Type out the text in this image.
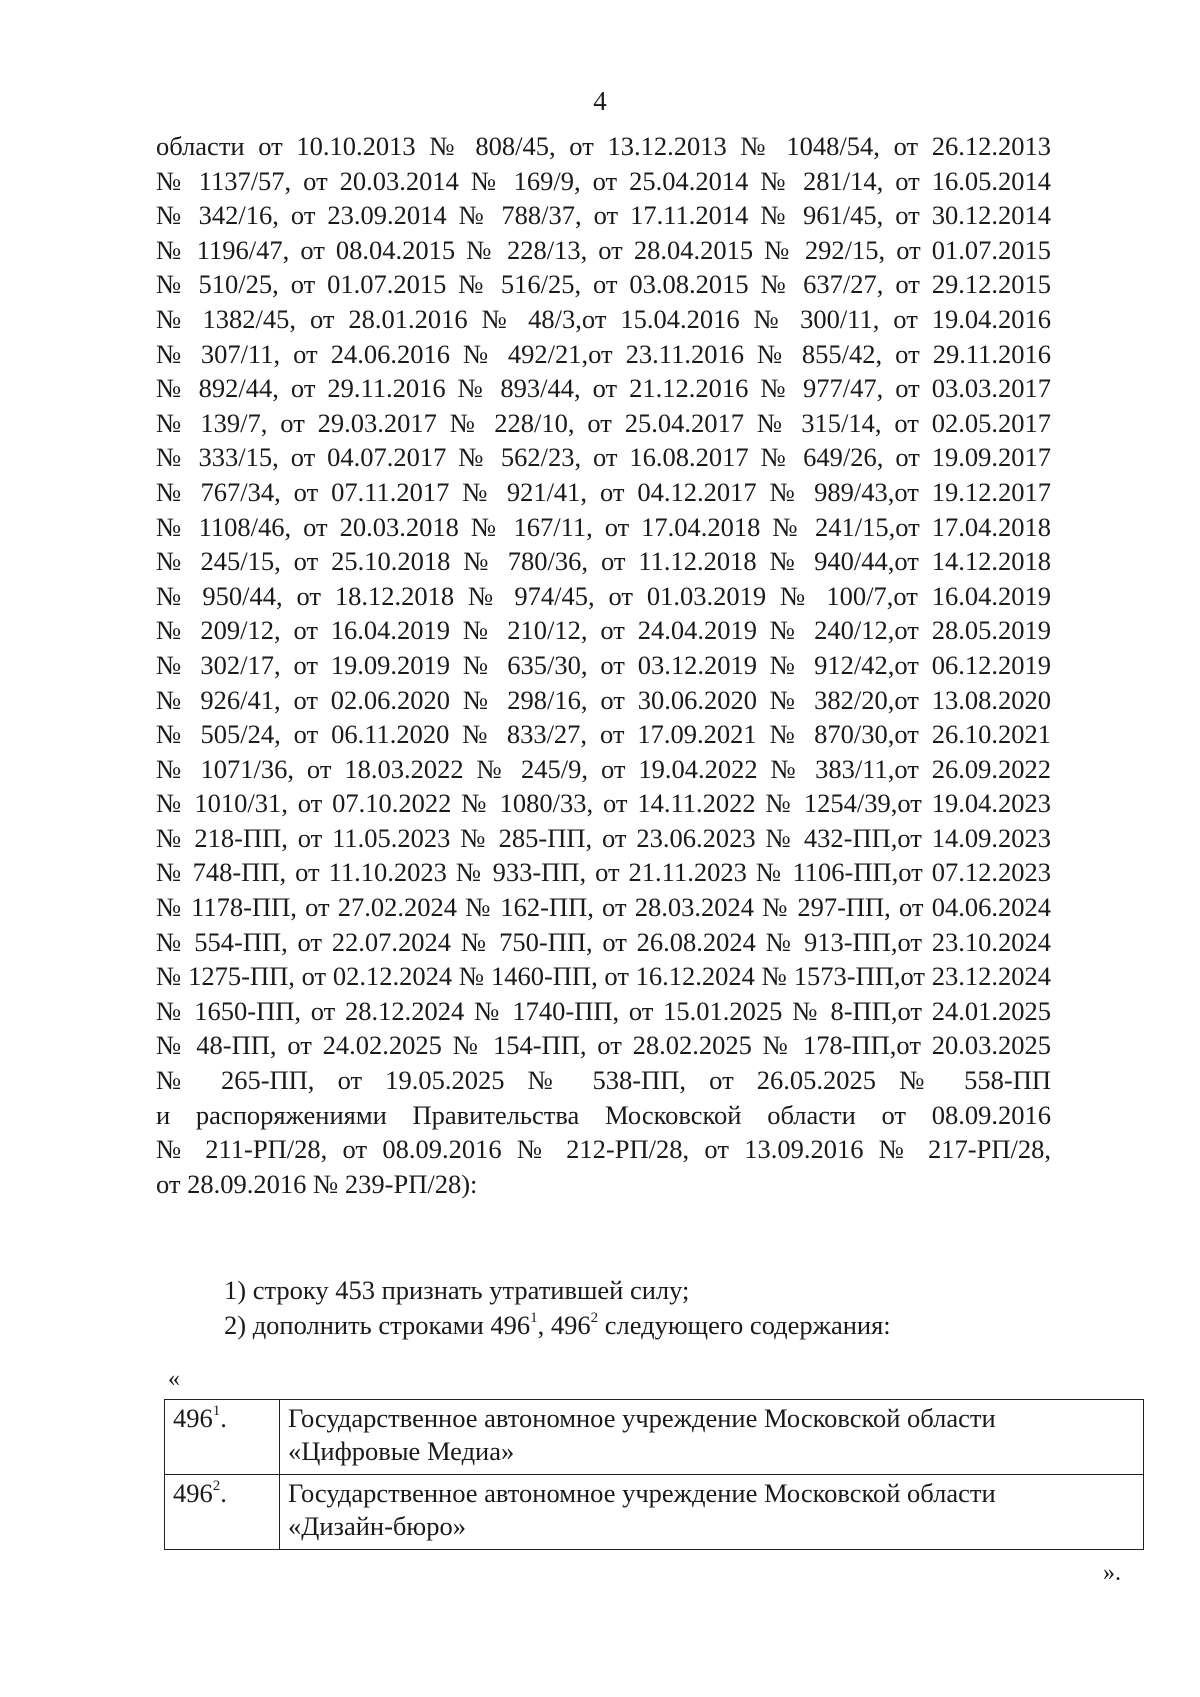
4
области от 10.10.2013 № 808/45, от 13.12.2013 № 1048/54, от 26.12.2013
№ 1137/57, от 20.03.2014 № 169/9, от 25.04.2014 № 281/14, от 16.05.2014
№ 342/16, от 23.09.2014 № 788/37, от 17.11.2014 № 961/45, от 30.12.2014
№ 1196/47, от 08.04.2015 № 228/13, от 28.04.2015 № 292/15, от 01.07.2015
№ 510/25, от 01.07.2015 № 516/25, от 03.08.2015 № 637/27, от 29.12.2015
№ 1382/45, от 28.01.2016 № 48/3,от 15.04.2016 № 300/11, от 19.04.2016
№ 307/11, от 24.06.2016 № 492/21,от 23.11.2016 № 855/42, от 29.11.2016
№ 892/44, от 29.11.2016 № 893/44, от 21.12.2016 № 977/47, от 03.03.2017
№ 139/7, от 29.03.2017 № 228/10, от 25.04.2017 № 315/14, от 02.05.2017
№ 333/15, от 04.07.2017 № 562/23, от 16.08.2017 № 649/26, от 19.09.2017
№ 767/34, от 07.11.2017 № 921/41, от 04.12.2017 № 989/43,от 19.12.2017
№ 1108/46, от 20.03.2018 № 167/11, от 17.04.2018 № 241/15,от 17.04.2018
№ 245/15, от 25.10.2018 № 780/36, от 11.12.2018 № 940/44,от 14.12.2018
№ 950/44, от 18.12.2018 № 974/45, от 01.03.2019 № 100/7,от 16.04.2019
№ 209/12, от 16.04.2019 № 210/12, от 24.04.2019 № 240/12,от 28.05.2019
№ 302/17, от 19.09.2019 № 635/30, от 03.12.2019 № 912/42,от 06.12.2019
№ 926/41, от 02.06.2020 № 298/16, от 30.06.2020 № 382/20,от 13.08.2020
№ 505/24, от 06.11.2020 № 833/27, от 17.09.2021 № 870/30,от 26.10.2021
№ 1071/36, от 18.03.2022 № 245/9, от 19.04.2022 № 383/11,от 26.09.2022
№ 1010/31, от 07.10.2022 № 1080/33, от 14.11.2022 № 1254/39,от 19.04.2023
№ 218-ПП, от 11.05.2023 № 285-ПП, от 23.06.2023 № 432-ПП,от 14.09.2023
№ 748-ПП, от 11.10.2023 № 933-ПП, от 21.11.2023 № 1106-ПП,от 07.12.2023
№ 1178-ПП, от 27.02.2024 № 162-ПП, от 28.03.2024 № 297-ПП, от 04.06.2024
№ 554-ПП, от 22.07.2024 № 750-ПП, от 26.08.2024 № 913-ПП,от 23.10.2024
№ 1275-ПП, от 02.12.2024 № 1460-ПП, от 16.12.2024 № 1573-ПП,от 23.12.2024
№ 1650-ПП, от 28.12.2024 № 1740-ПП, от 15.01.2025 № 8-ПП,от 24.01.2025
№ 48-ПП, от 24.02.2025 № 154-ПП, от 28.02.2025 № 178-ПП,от 20.03.2025
№ 265-ПП, от 19.05.2025 № 538-ПП, от 26.05.2025 № 558-ПП
и распоряжениями Правительства Московской области от 08.09.2016
№ 211-РП/28, от 08.09.2016 № 212-РП/28, от 13.09.2016 № 217-РП/28,
от 28.09.2016 № 239-РП/28):
1) строку 453 признать утратившей силу;
2) дополнить строками $496^1$, $496^2$ следующего содержания:
«
$496^1$.	Государственное автономное учреждение Московской области
«Цифровые Медиа»

$496^2$.	Государственное автономное учреждение Московской области
«Дизайн-бюро»
».
